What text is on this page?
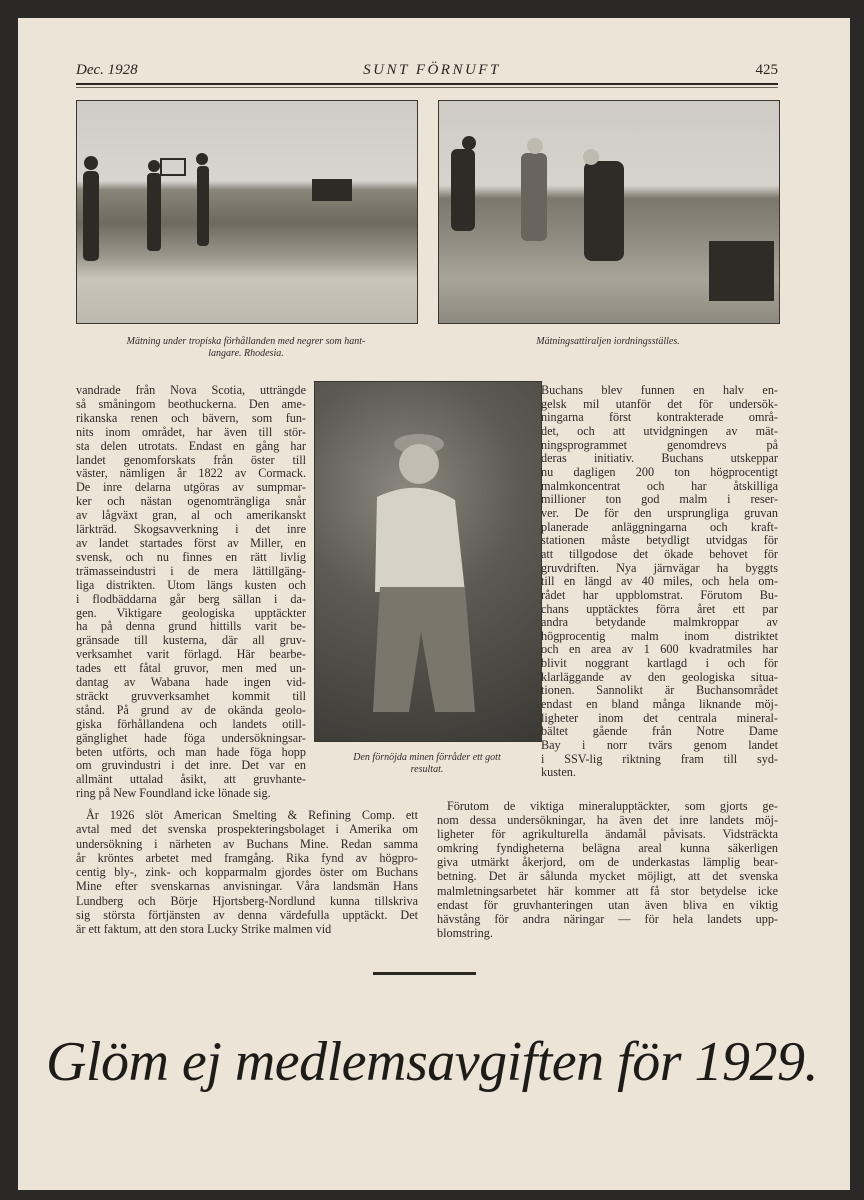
Dec. 1928	SUNT FÖRNUFT	425
Mätning under tropiska förhållanden med negrer som hant-
langare. Rhodesia.
Mätningsattiraljen iordningsställes.
Den förnöjda minen förråder ett gott
resultat.
vandrade från Nova Scotia, utträngde
så småningom beothuckerna. Den ame-
rikanska renen och bävern, som fun-
nits inom området, har även till stör-
sta delen utrotats. Endast en gång har
landet genomforskats från öster till
väster, nämligen år 1822 av Cormack.
De inre delarna utgöras av sumpmar-
ker och nästan ogenomträngliga snår
av lågväxt gran, al och amerikanskt
lärkträd. Skogsavverkning i det inre
av landet startades först av Miller, en
svensk, och nu finnes en rätt livlig
trämasseindustri i de mera lättillgäng-
liga distrikten. Utom längs kusten och
i flodbäddarna går berg sällan i da-
gen. Viktigare geologiska upptäckter
ha på denna grund hittills varit be-
gränsade till kusterna, där all gruv-
verksamhet varit förlagd. Här bearbe-
tades ett fåtal gruvor, men med un-
dantag av Wabana hade ingen vid-
sträckt gruvverksamhet kommit till
stånd. På grund av de okända geolo-
giska förhållandena och landets otill-
gänglighet hade föga undersökningsar-
beten utförts, och man hade föga hopp
om gruvindustri i det inre. Det var en
allmänt uttalad åsikt, att gruvhante-
ring på New Foundland icke lönade sig.
Buchans blev funnen en halv en-
gelsk mil utanför det för undersök-
ningarna först kontrakterade områ-
det, och att utvidgningen av mät-
ningsprogrammet genomdrevs på
deras initiativ. Buchans utskeppar
nu dagligen 200 ton högprocentigt
malmkoncentrat och har åtskilliga
millioner ton god malm i reser-
ver. De för den ursprungliga gruvan
planerade anläggningarna och kraft-
stationen måste betydligt utvidgas för
att tillgodose det ökade behovet för
gruvdriften. Nya järnvägar ha byggts
till en längd av 40 miles, och hela om-
rådet har uppblomstrat. Förutom Bu-
chans upptäcktes förra året ett par
andra betydande malmkroppar av
högprocentig malm inom distriktet
och en area av 1 600 kvadratmiles har
blivit noggrant kartlagd i och för
klarläggande av den geologiska situa-
tionen. Sannolikt är Buchansområdet
endast en bland många liknande möj-
ligheter inom det centrala mineral-
bältet gående från Notre Dame
Bay i norr tvärs genom landet
i SSV-lig riktning fram till syd-
kusten.
År 1926 slöt American Smelting & Refining Comp. ett
avtal med det svenska prospekteringsbolaget i Amerika om
undersökning i närheten av Buchans Mine. Redan samma
år kröntes arbetet med framgång. Rika fynd av högpro-
centig bly-, zink- och kopparmalm gjordes öster om Buchans
Mine efter svenskarnas anvisningar. Våra landsmän Hans
Lundberg och Börje Hjortsberg-Nordlund kunna tillskriva
sig största förtjänsten av denna värdefulla upptäckt. Det
är ett faktum, att den stora Lucky Strike malmen vid
Förutom de viktiga mineralupptäckter, som gjorts ge-
nom dessa undersökningar, ha även det inre landets möj-
ligheter för agrikulturella ändamål påvisats. Vidsträckta
omkring fyndigheterna belägna areal kunna säkerligen
giva utmärkt åkerjord, om de underkastas lämplig bear-
betning. Det är sålunda mycket möjligt, att det svenska
malmletningsarbetet här kommer att få stor betydelse icke
endast för gruvhanteringen utan även bliva en viktig
hävstång för andra näringar — för hela landets upp-
blomstring.
Glöm ej medlemsavgiften för 1929.
